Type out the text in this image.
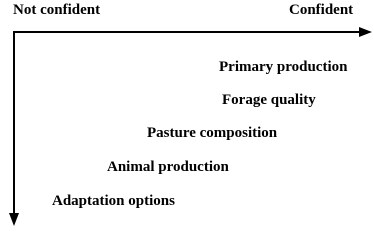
Not confident	Confident
Primary production
Forage quality
Pasture composition
Animal production
Adaptation options
